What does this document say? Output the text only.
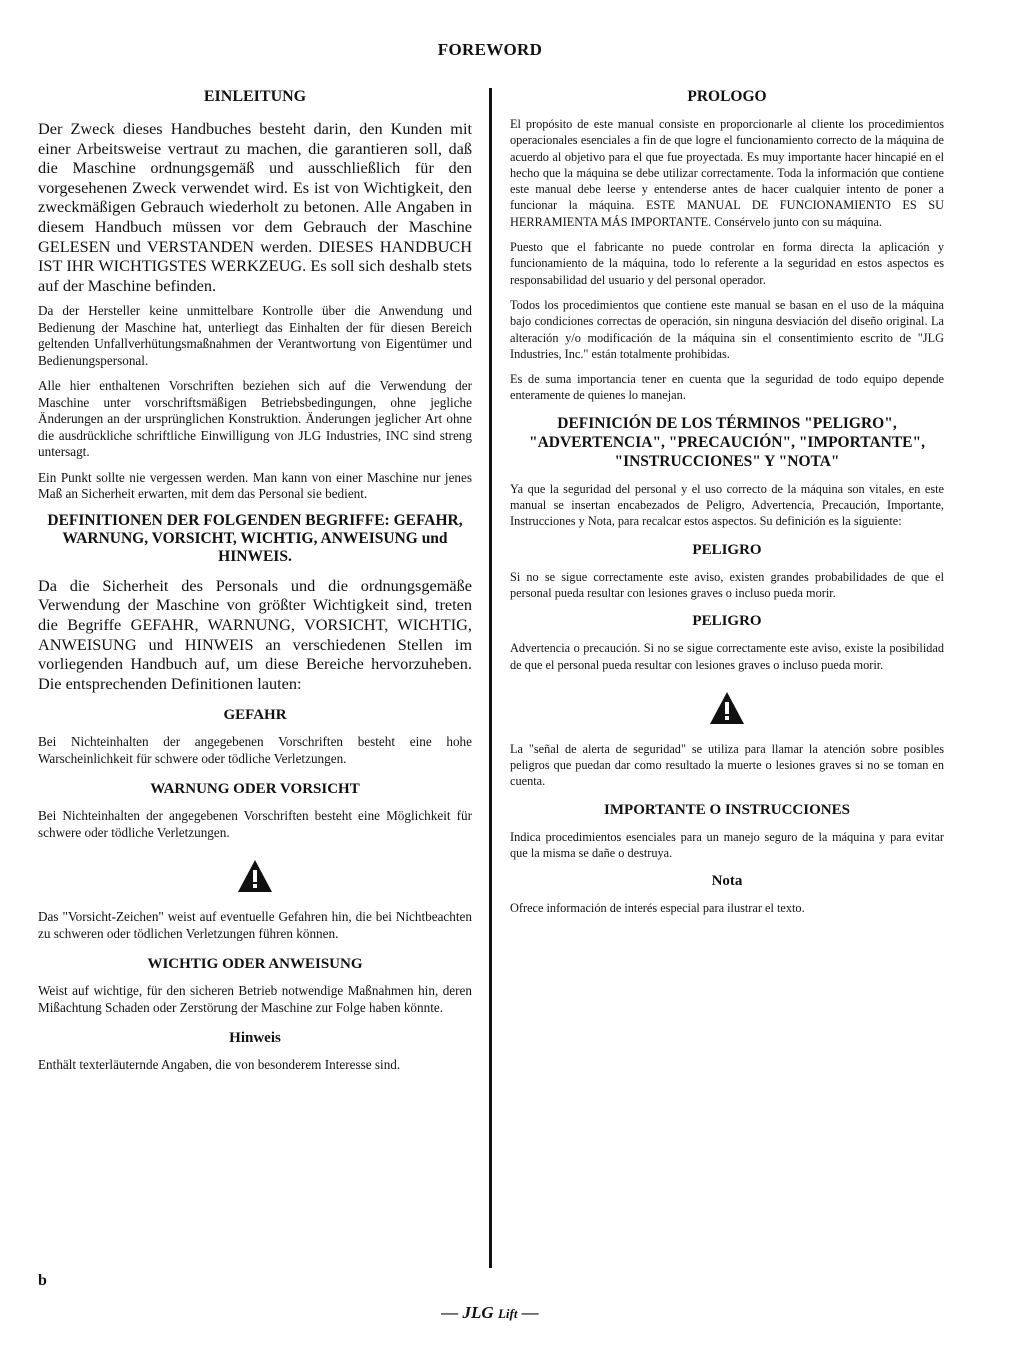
FOREWORD
EINLEITUNG

Der Zweck dieses Handbuches besteht darin, den Kunden mit einer Arbeitsweise vertraut zu machen, die garantieren soll, daß die Maschine ordnungsgemäß und ausschließlich für den vorgesehenen Zweck verwendet wird. Es ist von Wichtigkeit, den zweckmäßigen Gebrauch wiederholt zu betonen. Alle Angaben in diesem Handbuch müssen vor dem Gebrauch der Maschine GELESEN und VERSTANDEN werden. DIESES HANDBUCH IST IHR WICHTIGSTES WERKZEUG. Es soll sich deshalb stets auf der Maschine befinden.

Da der Hersteller keine unmittelbare Kontrolle über die Anwendung und Bedienung der Maschine hat, unterliegt das Einhalten der für diesen Bereich geltenden Unfallverhütungsmaßnahmen der Verantwortung von Eigentümer und Bedienungspersonal.

Alle hier enthaltenen Vorschriften beziehen sich auf die Verwendung der Maschine unter vorschriftsmäßigen Betriebsbedingungen, ohne jegliche Änderungen an der ursprünglichen Konstruktion. Änderungen jeglicher Art ohne die ausdrückliche schriftliche Einwilligung von JLG Industries, INC sind streng untersagt.

Ein Punkt sollte nie vergessen werden. Man kann von einer Maschine nur jenes Maß an Sicherheit erwarten, mit dem das Personal sie bedient.

DEFINITIONEN DER FOLGENDEN BEGRIFFE: GEFAHR, WARNUNG, VORSICHT, WICHTIG, ANWEISUNG und HINWEIS.

Da die Sicherheit des Personals und die ordnungsgemäße Verwendung der Maschine von größter Wichtigkeit sind, treten die Begriffe GEFAHR, WARNUNG, VORSICHT, WICHTIG, ANWEISUNG und HINWEIS an verschiedenen Stellen im vorliegenden Handbuch auf, um diese Bereiche hervorzuheben. Die entsprechenden Definitionen lauten:

GEFAHR

Bei Nichteinhalten der angegebenen Vorschriften besteht eine hohe Warscheinlichkeit für schwere oder tödliche Verletzungen.

WARNUNG ODER VORSICHT

Bei Nichteinhalten der angegebenen Vorschriften besteht eine Möglichkeit für schwere oder tödliche Verletzungen.

Das "Vorsicht-Zeichen" weist auf eventuelle Gefahren hin, die bei Nichtbeachten zu schweren oder tödlichen Verletzungen führen können.

WICHTIG ODER ANWEISUNG

Weist auf wichtige, für den sicheren Betrieb notwendige Maßnahmen hin, deren Mißachtung Schaden oder Zerstörung der Maschine zur Folge haben könnte.

Hinweis

Enthält texterläuternde Angaben, die von besonderem Interesse sind.

PROLOGO

El propósito de este manual consiste en proporcionarle al cliente los procedimientos operacionales esenciales a fin de que logre el funcionamiento correcto de la máquina de acuerdo al objetivo para el que fue proyectada. Es muy importante hacer hincapié en el hecho que la máquina se debe utilizar correctamente. Toda la información que contiene este manual debe leerse y entenderse antes de hacer cualquier intento de poner a funcionar la máquina. ESTE MANUAL DE FUNCIONAMIENTO ES SU HERRAMIENTA MÁS IMPORTANTE. Consérvelo junto con su máquina.

Puesto que el fabricante no puede controlar en forma directa la aplicación y funcionamiento de la máquina, todo lo referente a la seguridad en estos aspectos es responsabilidad del usuario y del personal operador.

Todos los procedimientos que contiene este manual se basan en el uso de la máquina bajo condiciones correctas de operación, sin ninguna desviación del diseño original. La alteración y/o modificación de la máquina sin el consentimiento escrito de "JLG Industries, Inc." están totalmente prohibidas.

Es de suma importancia tener en cuenta que la seguridad de todo equipo depende enteramente de quienes lo manejan.

DEFINICIÓN DE LOS TÉRMINOS "PELIGRO", "ADVERTENCIA", "PRECAUCIÓN", "IMPORTANTE", "INSTRUCCIONES" Y "NOTA"

Ya que la seguridad del personal y el uso correcto de la máquina son vitales, en este manual se insertan encabezados de Peligro, Advertencia, Precaución, Importante, Instrucciones y Nota, para recalcar estos aspectos. Su definición es la siguiente:

PELIGRO

Si no se sigue correctamente este aviso, existen grandes probabilidades de que el personal pueda resultar con lesiones graves o incluso pueda morir.

PELIGRO

Advertencia o precaución. Si no se sigue correctamente este aviso, existe la posibilidad de que el personal pueda resultar con lesiones graves o incluso pueda morir.

La "señal de alerta de seguridad" se utiliza para llamar la atención sobre posibles peligros que puedan dar como resultado la muerte o lesiones graves si no se toman en cuenta.

IMPORTANTE O INSTRUCCIONES

Indica procedimientos esenciales para un manejo seguro de la máquina y para evitar que la misma se dañe o destruya.

Nota

Ofrece información de interés especial para ilustrar el texto.

b
— JLG Lift —
